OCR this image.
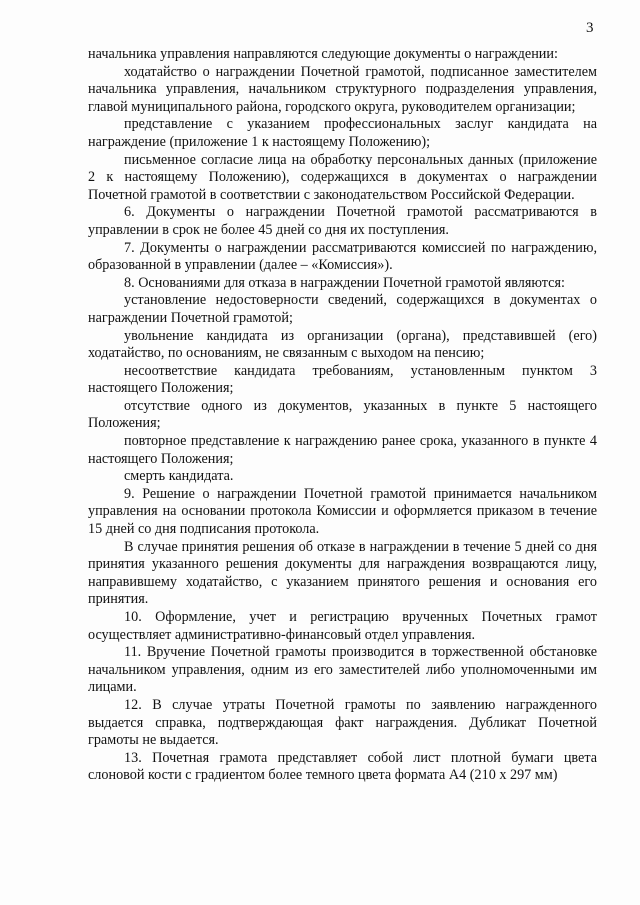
3

начальника управления направляются следующие документы о награждении:

ходатайство о награждении Почетной грамотой, подписанное заместителем начальника управления, начальником структурного подразделения управления, главой муниципального района, городского округа, руководителем организации;

представление с указанием профессиональных заслуг кандидата на награждение (приложение 1 к настоящему Положению);

письменное согласие лица на обработку персональных данных (приложение 2 к настоящему Положению), содержащихся в документах о награждении Почетной грамотой в соответствии с законодательством Российской Федерации.

6. Документы о награждении Почетной грамотой рассматриваются в управлении в срок не более 45 дней со дня их поступления.

7. Документы о награждении рассматриваются комиссией по награждению, образованной в управлении (далее – «Комиссия»).

8. Основаниями для отказа в награждении Почетной грамотой являются:

установление недостоверности сведений, содержащихся в документах о награждении Почетной грамотой;

увольнение кандидата из организации (органа), представившей (его) ходатайство, по основаниям, не связанным с выходом на пенсию;

несоответствие кандидата требованиям, установленным пунктом 3 настоящего Положения;

отсутствие одного из документов, указанных в пункте 5 настоящего Положения;

повторное представление к награждению ранее срока, указанного в пункте 4 настоящего Положения;

смерть кандидата.

9. Решение о награждении Почетной грамотой принимается начальником управления на основании протокола Комиссии и оформляется приказом в течение 15 дней со дня подписания протокола.

В случае принятия решения об отказе в награждении в течение 5 дней со дня принятия указанного решения документы для награждения возвращаются лицу, направившему ходатайство, с указанием принятого решения и основания его принятия.

10. Оформление, учет и регистрацию врученных Почетных грамот осуществляет административно-финансовый отдел управления.

11. Вручение Почетной грамоты производится в торжественной обстановке начальником управления, одним из его заместителей либо уполномоченными им лицами.

12. В случае утраты Почетной грамоты по заявлению награжденного выдается справка, подтверждающая факт награждения. Дубликат Почетной грамоты не выдается.

13. Почетная грамота представляет собой лист плотной бумаги цвета слоновой кости с градиентом более темного цвета формата А4 (210 х 297 мм)
